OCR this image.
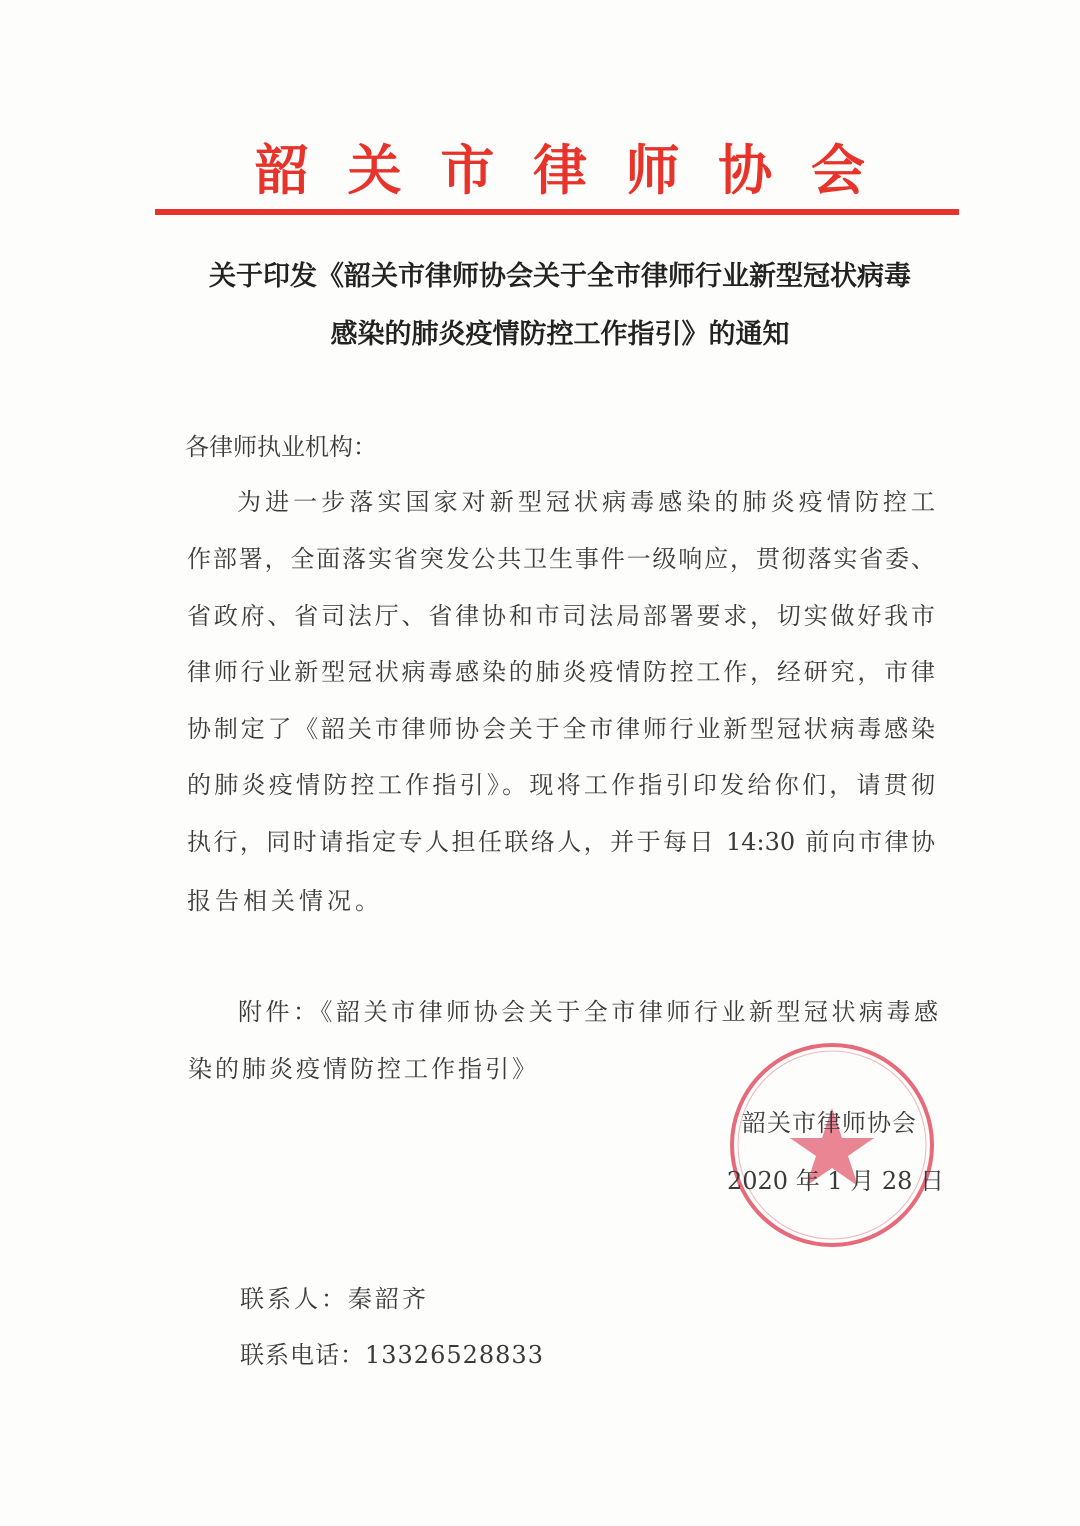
韶 关 市 律 师 协 会
关于印发《韶关市律师协会关于全市律师行业新型冠状病毒
感染的肺炎疫情防控工作指引》的通知
各律师执业机构：
为进一步落实国家对新型冠状病毒感染的肺炎疫情防控工
作部署，全面落实省突发公共卫生事件一级响应，贯彻落实省委、
省政府、省司法厅、省律协和市司法局部署要求，切实做好我市
律师行业新型冠状病毒感染的肺炎疫情防控工作，经研究，市律
协制定了《韶关市律师协会关于全市律师行业新型冠状病毒感染
的肺炎疫情防控工作指引》。现将工作指引印发给你们，请贯彻
执行，同时请指定专人担任联络人，并于每日 14:30 前向市律协
报告相关情况。
附件：《韶关市律师协会关于全市律师行业新型冠状病毒感
染的肺炎疫情防控工作指引》
韶关市律师协会
2020 年 1 月 28 日
联系人：秦韶齐
联系电话：13326528833
